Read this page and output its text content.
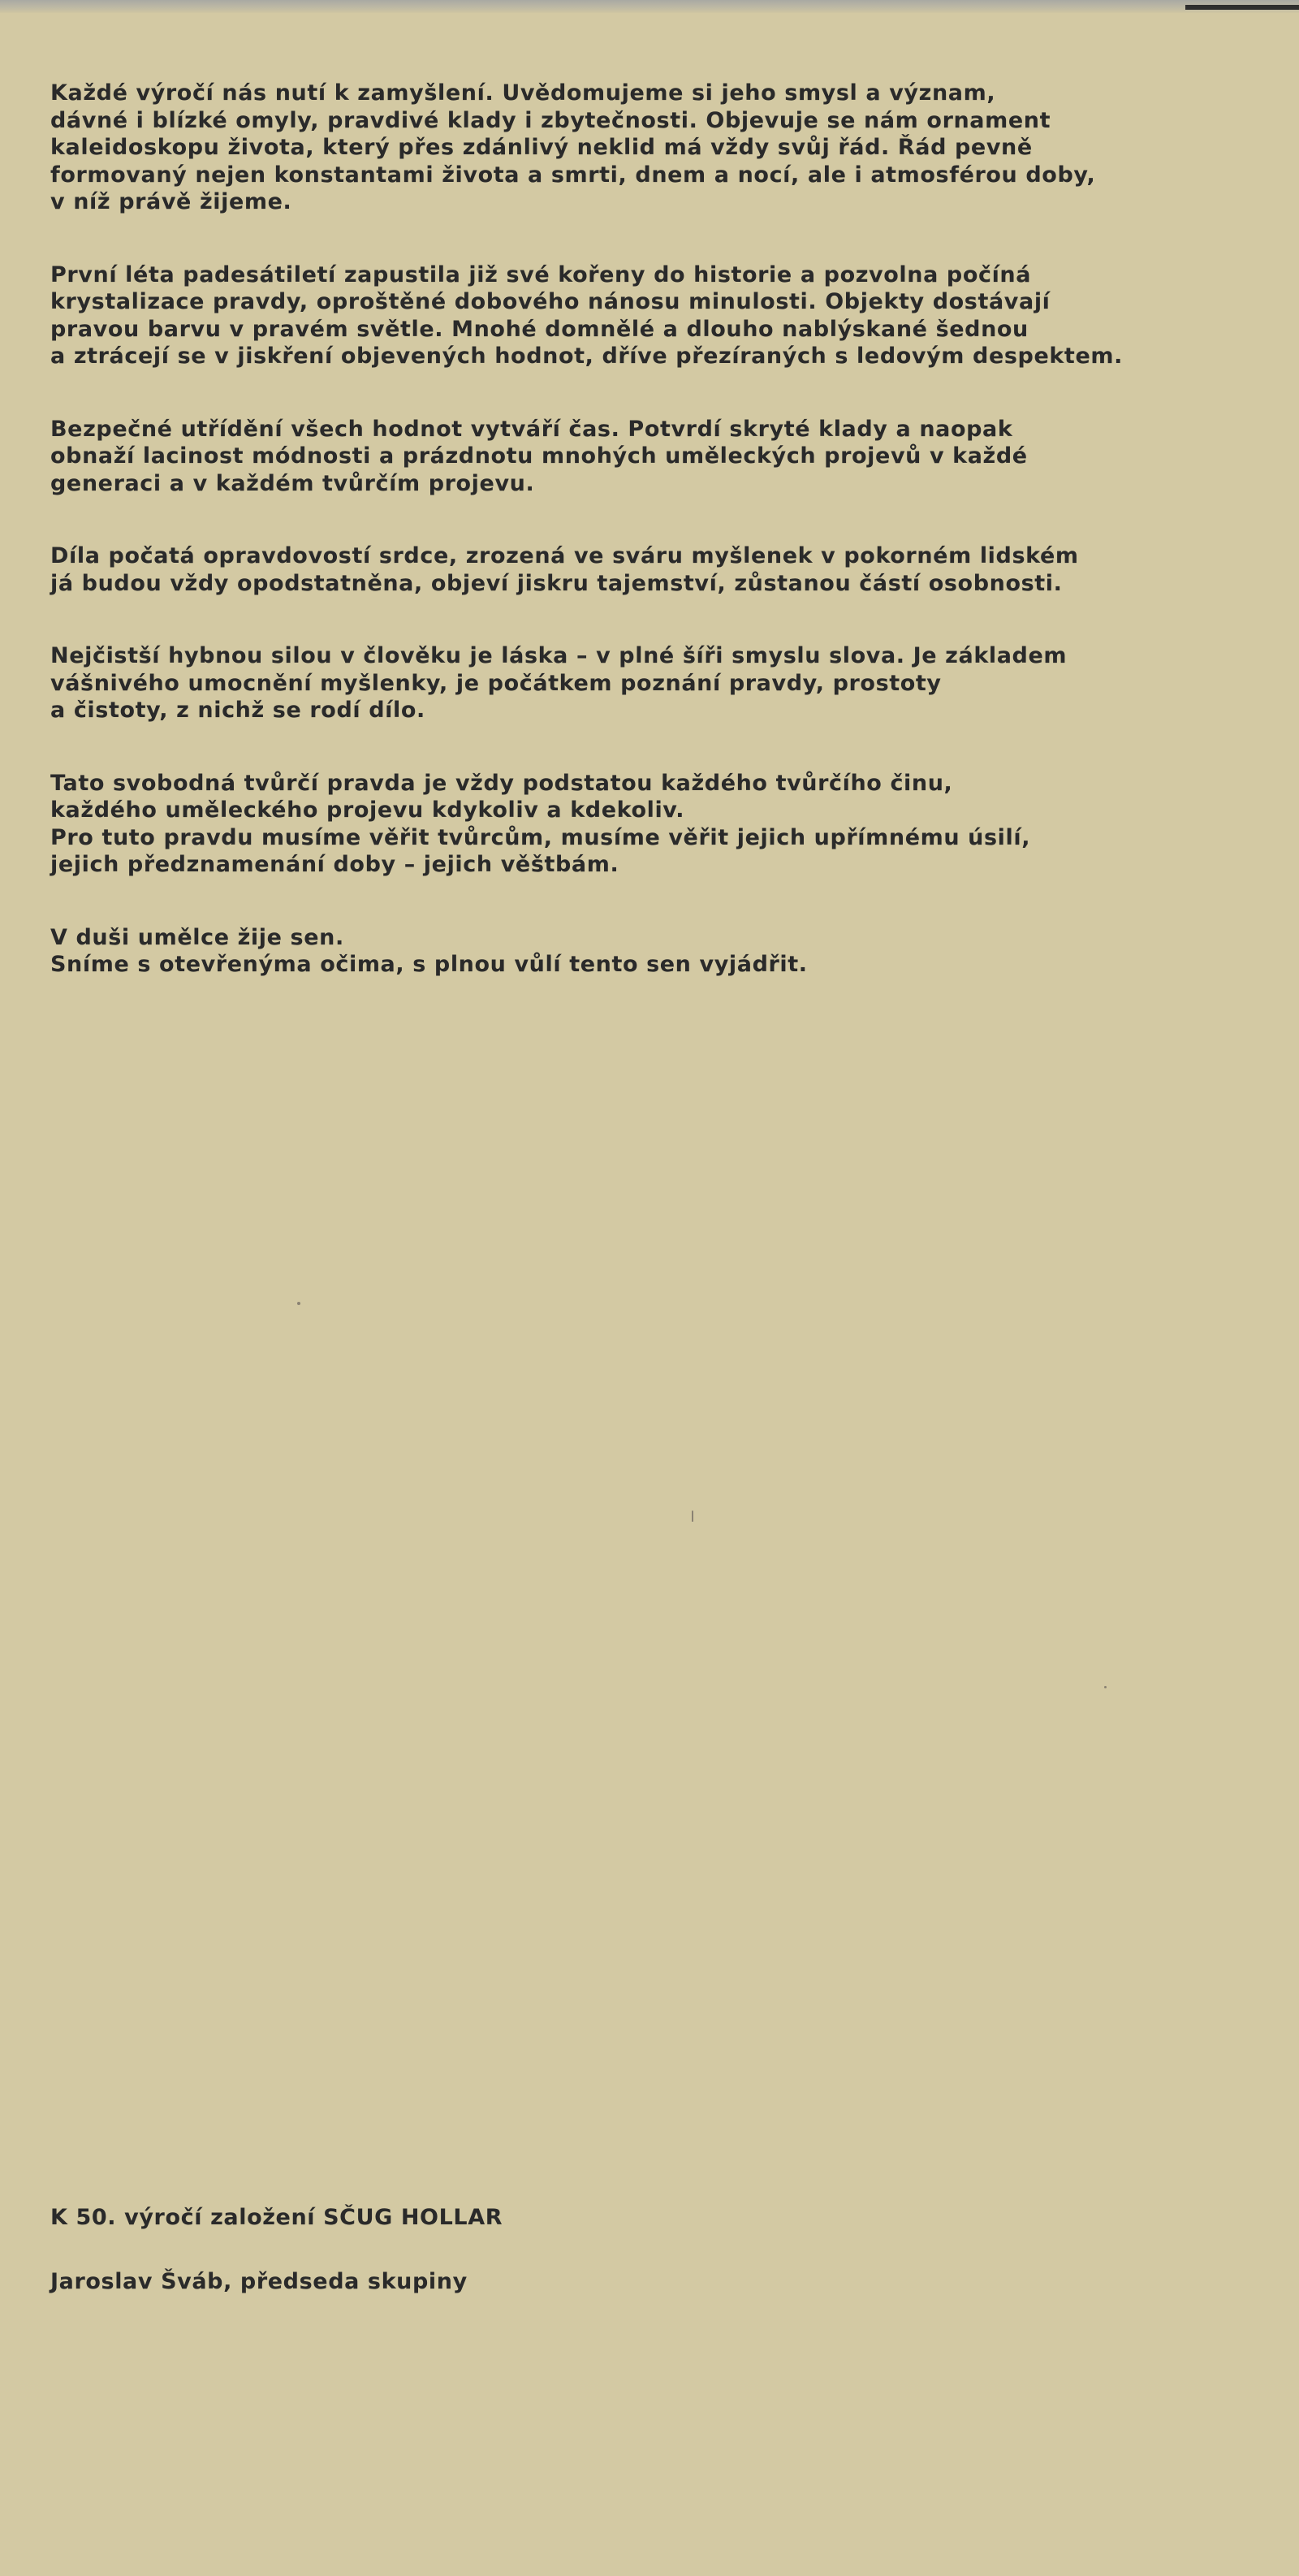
Každé výročí nás nutí k zamyšlení. Uvědomujeme si jeho smysl a význam,
dávné i blízké omyly, pravdivé klady i zbytečnosti. Objevuje se nám ornament
kaleidoskopu života, který přes zdánlivý neklid má vždy svůj řád. Řád pevně
formovaný nejen konstantami života a smrti, dnem a nocí, ale i atmosférou doby,
v níž právě žijeme.
První léta padesátiletí zapustila již své kořeny do historie a pozvolna počíná
krystalizace pravdy, oproštěné dobového nánosu minulosti. Objekty dostávají
pravou barvu v pravém světle. Mnohé domnělé a dlouho nablýskané šednou
a ztrácejí se v jiskření objevených hodnot, dříve přezíraných s ledovým despektem.
Bezpečné utřídění všech hodnot vytváří čas. Potvrdí skryté klady a naopak
obnaží lacinost módnosti a prázdnotu mnohých uměleckých projevů v každé
generaci a v každém tvůrčím projevu.
Díla počatá opravdovostí srdce, zrozená ve sváru myšlenek v pokorném lidském
já budou vždy opodstatněna, objeví jiskru tajemství, zůstanou částí osobnosti.
Nejčistší hybnou silou v člověku je láska – v plné šíři smyslu slova. Je základem
vášnivého umocnění myšlenky, je počátkem poznání pravdy, prostoty
a čistoty, z nichž se rodí dílo.
Tato svobodná tvůrčí pravda je vždy podstatou každého tvůrčího činu,
každého uměleckého projevu kdykoliv a kdekoliv.
Pro tuto pravdu musíme věřit tvůrcům, musíme věřit jejich upřímnému úsilí,
jejich předznamenání doby – jejich věštbám.
V duši umělce žije sen.
Sníme s otevřenýma očima, s plnou vůlí tento sen vyjádřit.
K 50. výročí založení SČUG HOLLAR
Jaroslav Šváb, předseda skupiny
